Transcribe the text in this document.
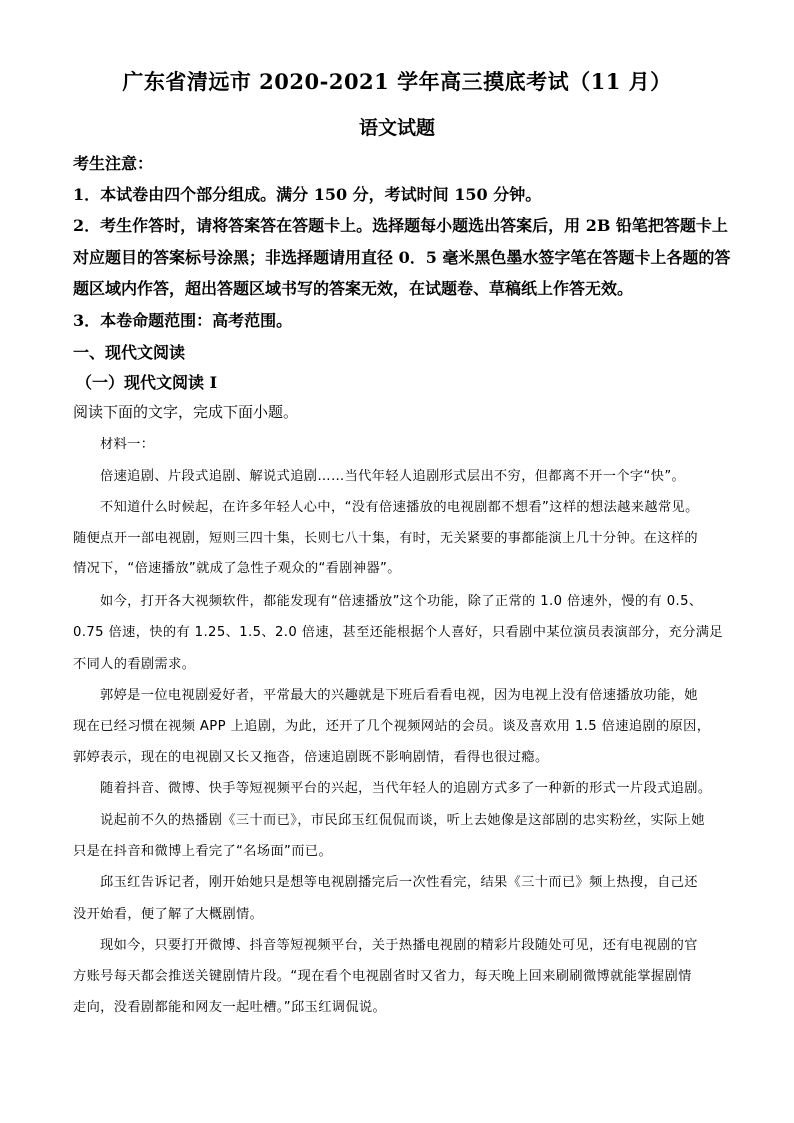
广东省清远市 2020-2021 学年高三摸底考试（11 月）
语文试题
考生注意：
1．本试卷由四个部分组成。满分 150 分，考试时间 150 分钟。
2．考生作答时，请将答案答在答题卡上。选择题每小题选出答案后，用 2B 铅笔把答题卡上
对应题目的答案标号涂黑；非选择题请用直径 0．5 毫米黑色墨水签字笔在答题卡上各题的答
题区域内作答，超出答题区域书写的答案无效，在试题卷、草稿纸上作答无效。
3．本卷命题范围：高考范围。
一、现代文阅读
（一）现代文阅读 I
阅读下面的文字，完成下面小题。
材料一：
倍速追剧、片段式追剧、解说式追剧……当代年轻人追剧形式层出不穷，但都离不开一个字“快”。
不知道什么时候起，在许多年轻人心中，“没有倍速播放的电视剧都不想看”这样的想法越来越常见。
随便点开一部电视剧，短则三四十集，长则七八十集，有时，无关紧要的事都能演上几十分钟。在这样的
情况下，“倍速播放”就成了急性子观众的“看剧神器”。
如今，打开各大视频软件，都能发现有“倍速播放”这个功能，除了正常的 1.0 倍速外，慢的有 0.5、
0.75 倍速，快的有 1.25、1.5、2.0 倍速，甚至还能根据个人喜好，只看剧中某位演员表演部分，充分满足
不同人的看剧需求。
郭婷是一位电视剧爱好者，平常最大的兴趣就是下班后看看电视，因为电视上没有倍速播放功能，她
现在已经习惯在视频 APP 上追剧，为此，还开了几个视频网站的会员。谈及喜欢用 1.5 倍速追剧的原因，
郭婷表示，现在的电视剧又长又拖沓，倍速追剧既不影响剧情，看得也很过瘾。
随着抖音、微博、快手等短视频平台的兴起，当代年轻人的追剧方式多了一种新的形式一片段式追剧。
说起前不久的热播剧《三十而已》，市民邱玉红侃侃而谈，听上去她像是这部剧的忠实粉丝，实际上她
只是在抖音和微博上看完了“名场面”而已。
邱玉红告诉记者，刚开始她只是想等电视剧播完后一次性看完，结果《三十而已》频上热搜，自己还
没开始看，便了解了大概剧情。
现如今，只要打开微博、抖音等短视频平台，关于热播电视剧的精彩片段随处可见，还有电视剧的官
方账号每天都会推送关键剧情片段。“现在看个电视剧省时又省力，每天晚上回来刷刷微博就能掌握剧情
走向，没看剧都能和网友一起吐槽。”邱玉红调侃说。
